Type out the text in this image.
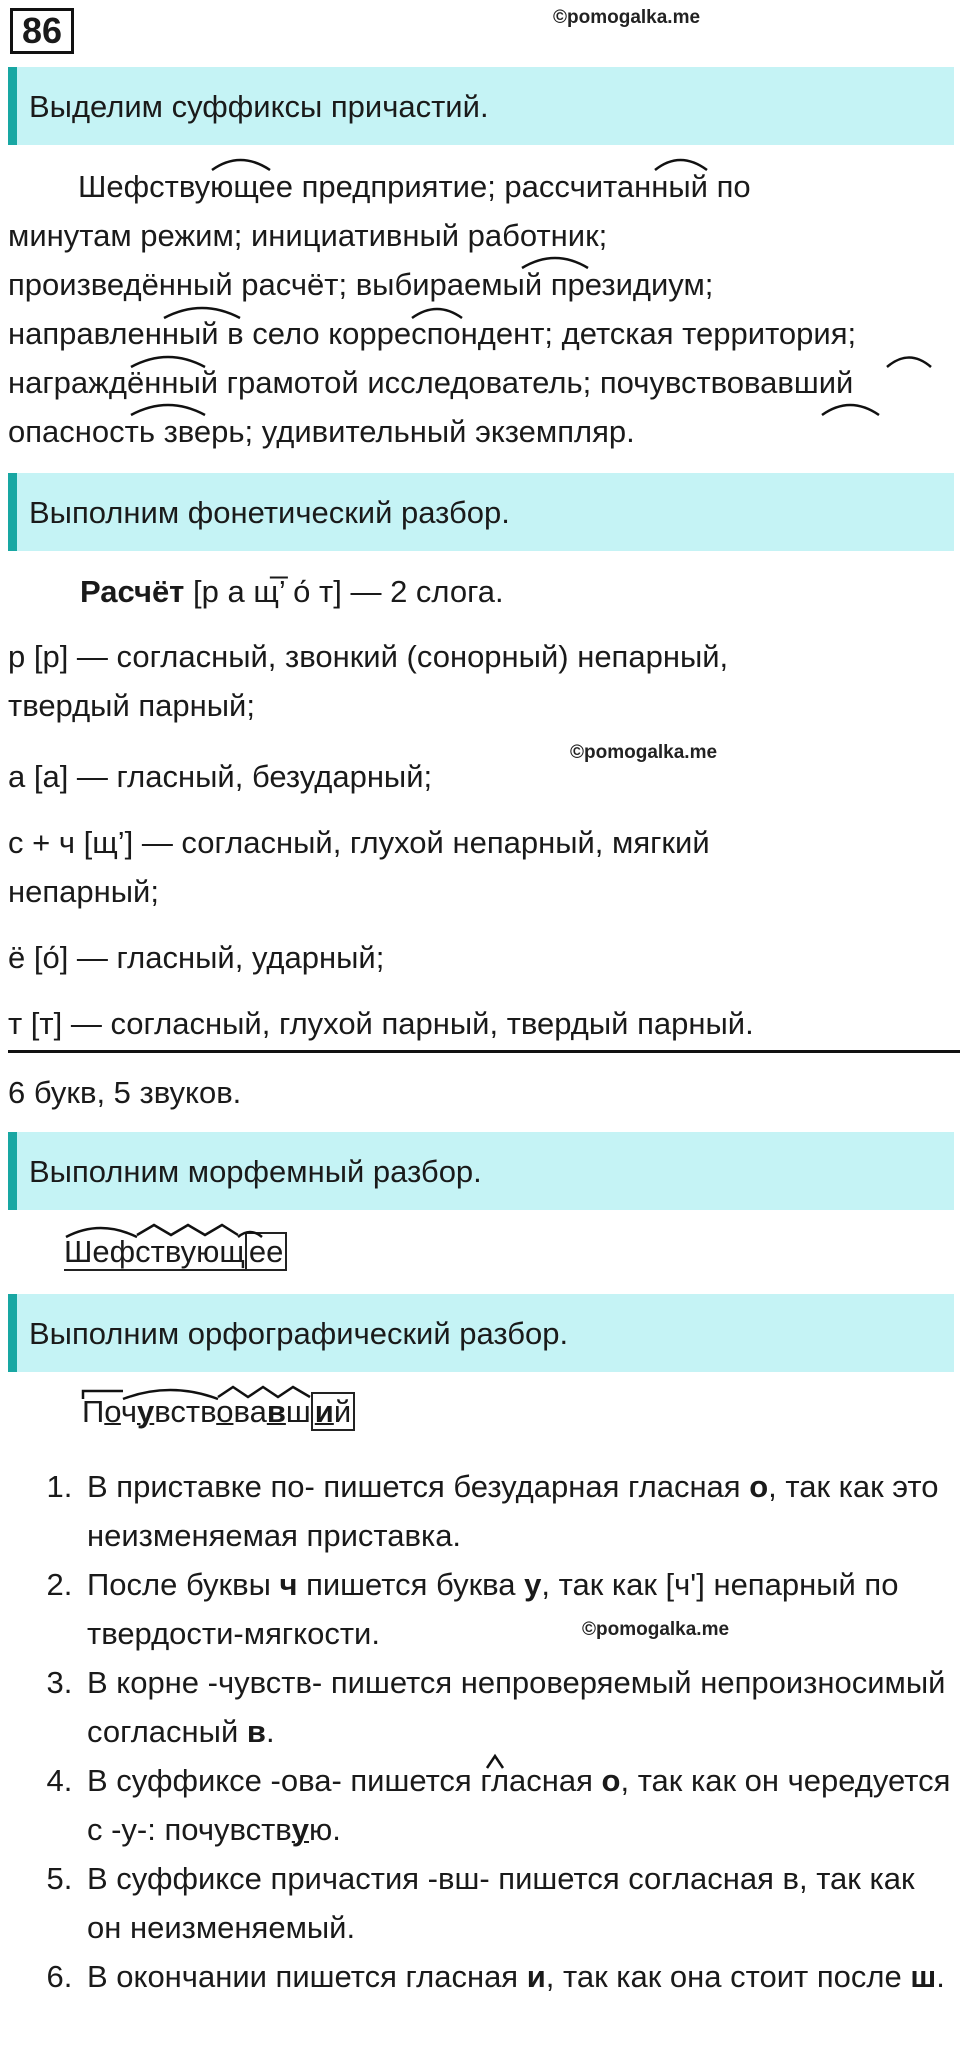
86	©pomogalka.me
Выделим суффиксы причастий.
Шефствующее предприятие; рассчитанный по
минутам режим; инициативный работник;
произведённый расчёт; выбираемый президиум;
направленный в село корреспондент; детская территория;
награждённый грамотой исследователь; почувствовавший
опасность зверь; удивительный экземпляр.
Выполним фонетический разбор.
Расчёт [р а щ̅’ о́ т] — 2 слога.
р [р] — согласный, звонкий (сонорный) непарный,
твердый парный;
©pomogalka.me
а [а] — гласный, безударный;
с + ч [щ’] — согласный, глухой непарный, мягкий
непарный;
ё [о́] — гласный, ударный;
т [т] — согласный, глухой парный, твердый парный.
6 букв, 5 звуков.
Выполним морфемный разбор.
Шефствующ ее
Выполним орфографический разбор.
Почувствовавш ий
1. В приставке по- пишется безударная гласная о, так как это неизменяемая приставка.
2. После буквы ч пишется буква у, так как [ч'] непарный по твердости-мягкости.
3. В корне -чувств- пишется непроверяемый непроизносимый согласный в.
4. В суффиксе -ова- пишется гласная о, так как он чередуется с -у-: почувствую.
5. В суффиксе причастия -вш- пишется согласная в, так как он неизменяемый.
6. В окончании пишется гласная и, так как она стоит после ш.
©pomogalka.me
